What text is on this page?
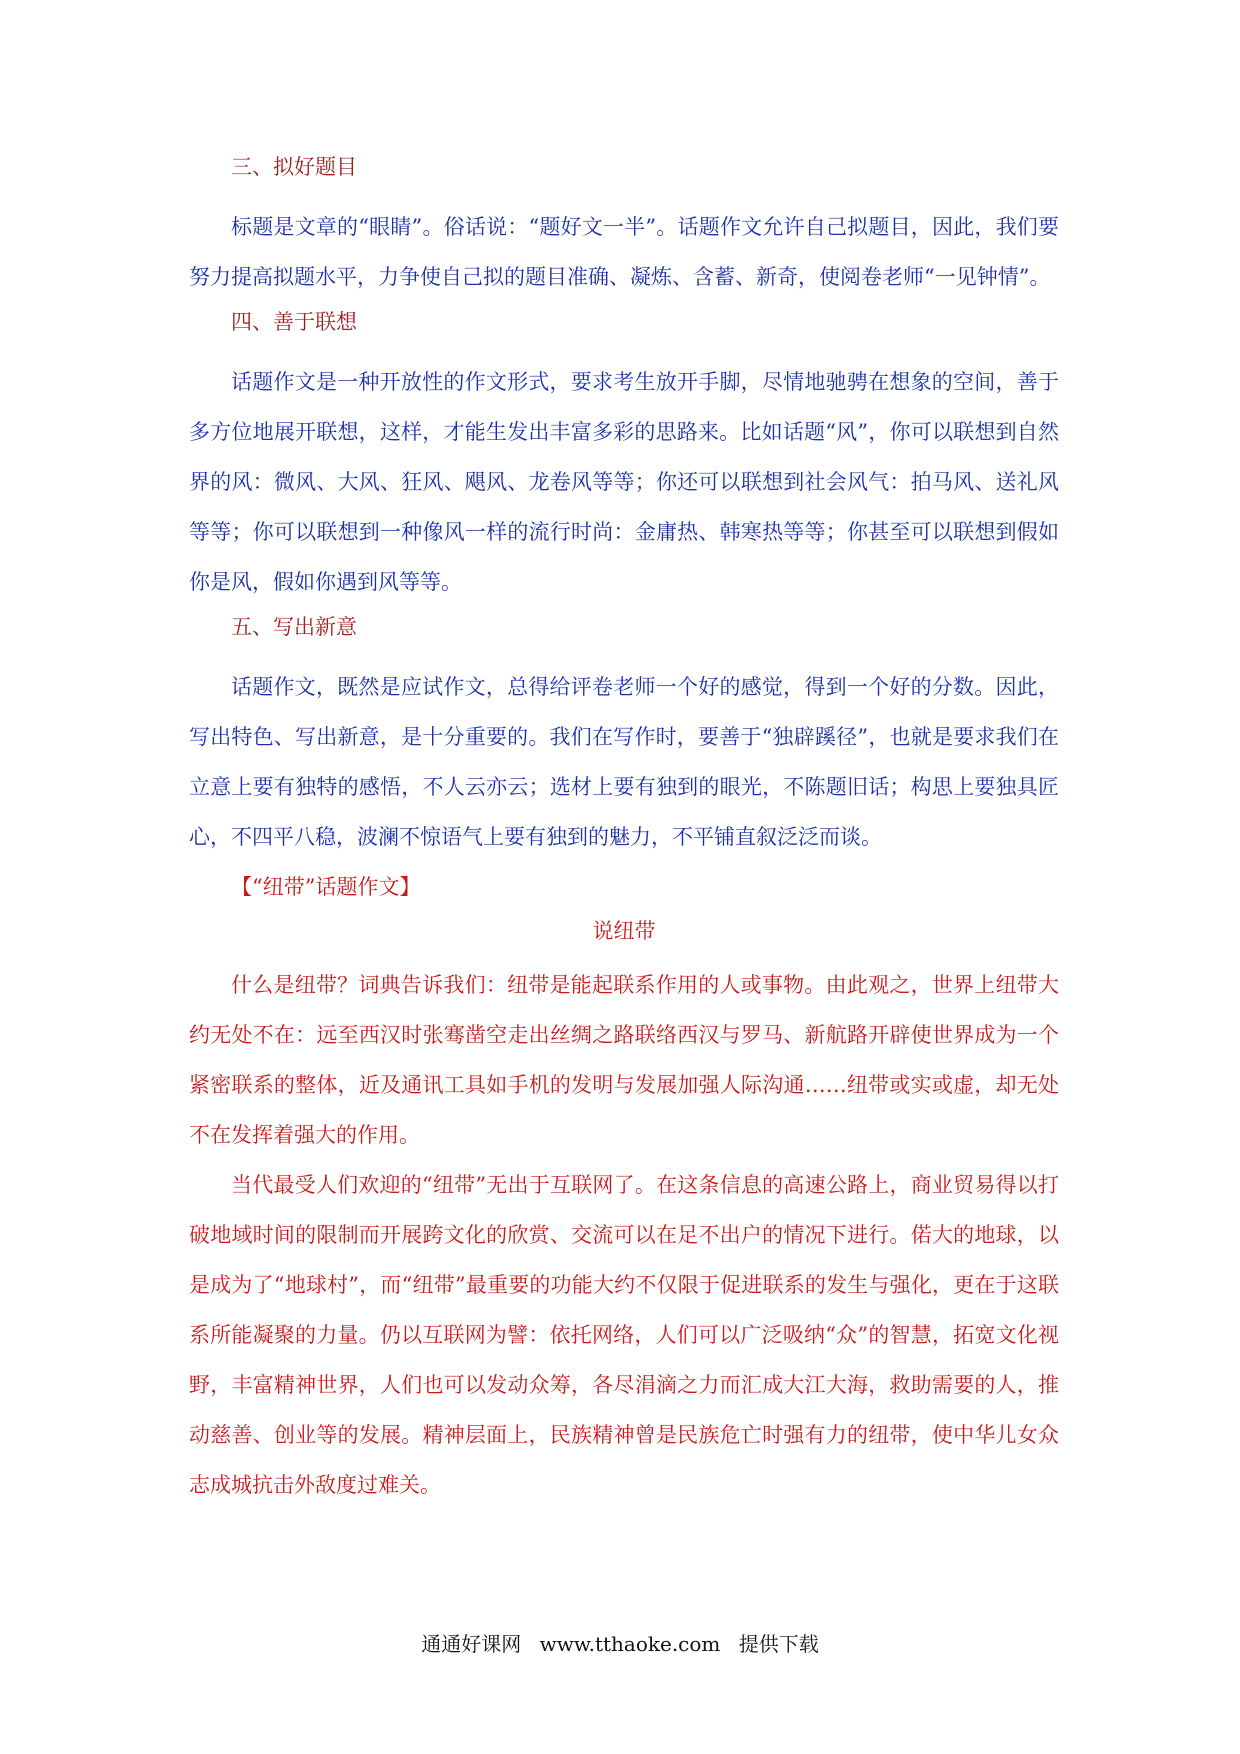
三、拟好题目

标题是文章的“眼睛”。俗话说：“题好文一半”。话题作文允许自己拟题目，因此，我们要努力提高拟题水平，力争使自己拟的题目准确、凝炼、含蓄、新奇，使阅卷老师“一见钟情”。

四、善于联想

话题作文是一种开放性的作文形式，要求考生放开手脚，尽情地驰骋在想象的空间，善于多方位地展开联想，这样，才能生发出丰富多彩的思路来。比如话题“风”，你可以联想到自然界的风：微风、大风、狂风、飓风、龙卷风等等；你还可以联想到社会风气：拍马风、送礼风等等；你可以联想到一种像风一样的流行时尚：金庸热、韩寒热等等；你甚至可以联想到假如你是风，假如你遇到风等等。

五、写出新意

话题作文，既然是应试作文，总得给评卷老师一个好的感觉，得到一个好的分数。因此，写出特色、写出新意，是十分重要的。我们在写作时，要善于“独辟蹊径”，也就是要求我们在立意上要有独特的感悟，不人云亦云；选材上要有独到的眼光，不陈题旧话；构思上要独具匠心，不四平八稳，波澜不惊语气上要有独到的魅力，不平铺直叙泛泛而谈。

【“纽带”话题作文】
说纽带

什么是纽带？词典告诉我们：纽带是能起联系作用的人或事物。由此观之，世界上纽带大约无处不在：远至西汉时张骞凿空走出丝绸之路联络西汉与罗马、新航路开辟使世界成为一个紧密联系的整体，近及通讯工具如手机的发明与发展加强人际沟通……纽带或实或虚，却无处不在发挥着强大的作用。

当代最受人们欢迎的“纽带”无出于互联网了。在这条信息的高速公路上，商业贸易得以打破地域时间的限制而开展跨文化的欣赏、交流可以在足不出户的情况下进行。偌大的地球，以是成为了“地球村”，而“纽带”最重要的功能大约不仅限于促进联系的发生与强化，更在于这联系所能凝聚的力量。仍以互联网为譬：依托网络，人们可以广泛吸纳“众”的智慧，拓宽文化视野，丰富精神世界，人们也可以发动众筹，各尽涓滴之力而汇成大江大海，救助需要的人，推动慈善、创业等的发展。精神层面上，民族精神曾是民族危亡时强有力的纽带，使中华儿女众志成城抗击外敌度过难关。

通通好课网 www.tthaoke.com 提供下载
